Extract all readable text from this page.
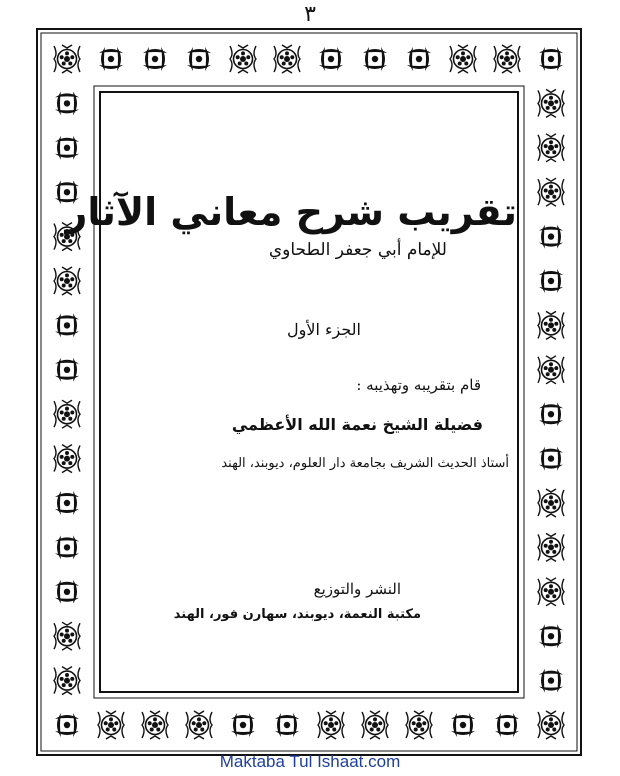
٣
تقريب شرح معاني الآثار
للإمام أبي جعفر الطحاوي
الجزء الأول
قام بتقريبه وتهذيبه :
فضيلة الشيخ نعمة الله الأعظمي
أستاذ الحديث الشريف بجامعة دار العلوم، ديوبند، الهند
النشر والتوزيع
مكتبة النعمة، ديوبند، سهارن فور، الهند
Maktaba Tul Ishaat.com
